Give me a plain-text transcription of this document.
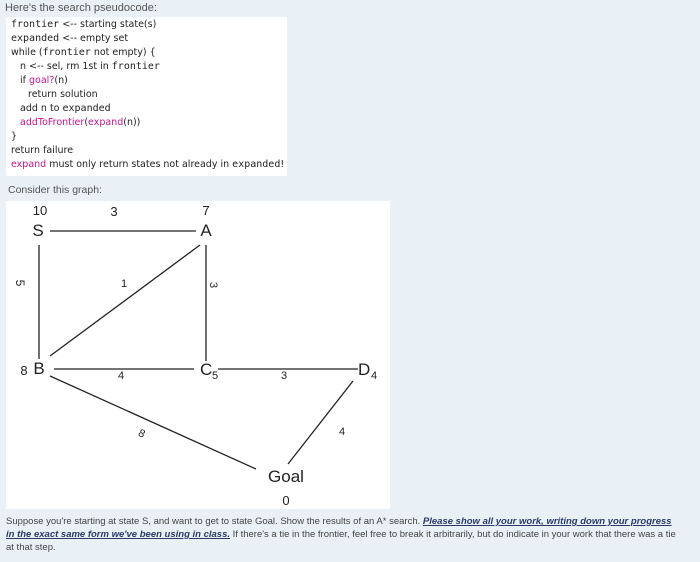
Here's the search pseudocode:
frontier <-- starting state(s)
expanded <-- empty set
while (frontier not empty) {
n <-- sel, rm 1st in frontier
if goal?(n)
return solution
add n to expanded
addToFrontier(expand(n))
}
return failure
expand must only return states not already in expanded!
Consider this graph:
10
S
7
A
8 B	C 5	D 4
Goal
0
3
5	1	3
4	3
8	4
Suppose you're starting at state S, and want to get to state Goal. Show the results of an A* search. Please show all your work, writing down your progress in the exact same form we've been using in class. If there's a tie in the frontier, feel free to break it arbitrarily, but do indicate in your work that there was a tie at that step.
